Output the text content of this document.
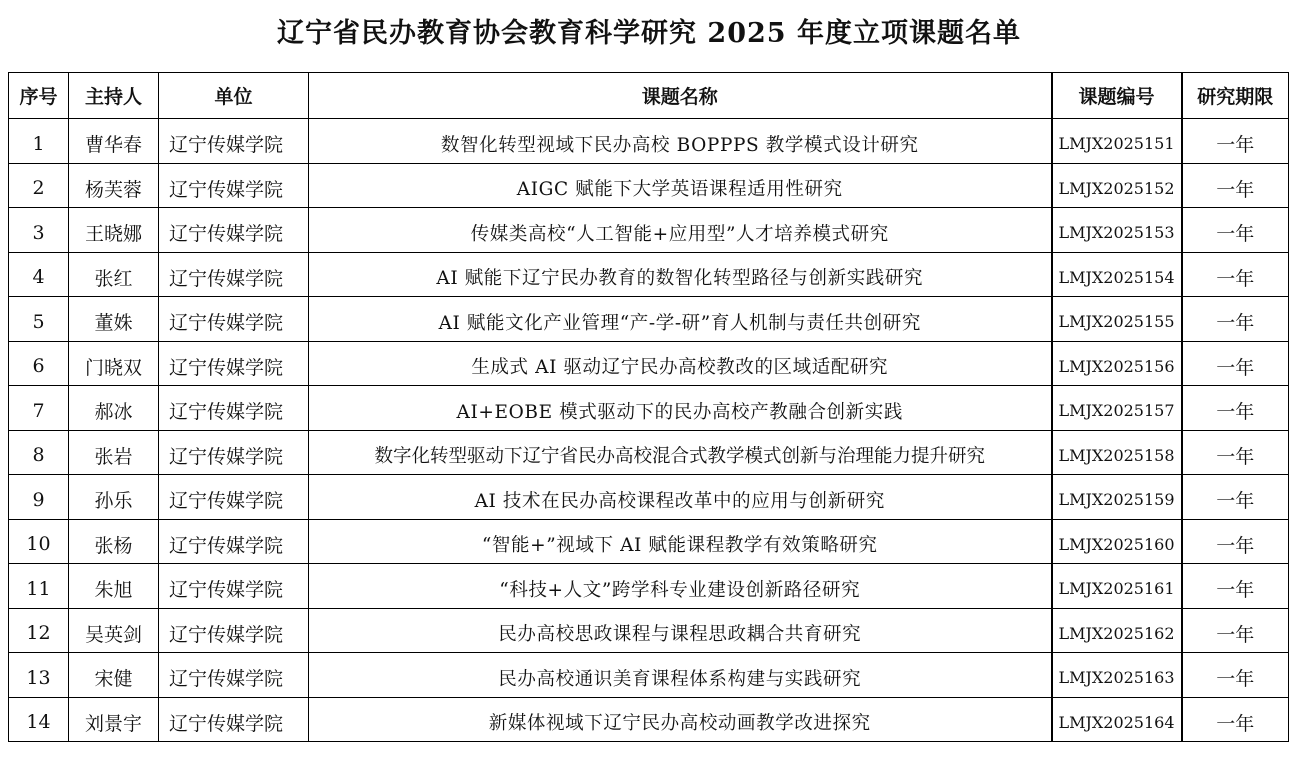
辽宁省民办教育协会教育科学研究 2025 年度立项课题名单
序号	主持人	单位	课题名称	课题编号	研究期限
1	曹华春	辽宁传媒学院	数智化转型视域下民办高校 BOPPPS 教学模式设计研究	LMJX2025151	一年
2	杨芙蓉	辽宁传媒学院	AIGC 赋能下大学英语课程适用性研究	LMJX2025152	一年
3	王晓娜	辽宁传媒学院	传媒类高校“人工智能+应用型”人才培养模式研究	LMJX2025153	一年
4	张红	辽宁传媒学院	AI 赋能下辽宁民办教育的数智化转型路径与创新实践研究	LMJX2025154	一年
5	董姝	辽宁传媒学院	AI 赋能文化产业管理“产-学-研”育人机制与责任共创研究	LMJX2025155	一年
6	门晓双	辽宁传媒学院	生成式 AI 驱动辽宁民办高校教改的区域适配研究	LMJX2025156	一年
7	郝冰	辽宁传媒学院	AI+EOBE 模式驱动下的民办高校产教融合创新实践	LMJX2025157	一年
8	张岩	辽宁传媒学院	数字化转型驱动下辽宁省民办高校混合式教学模式创新与治理能力提升研究	LMJX2025158	一年
9	孙乐	辽宁传媒学院	AI 技术在民办高校课程改革中的应用与创新研究	LMJX2025159	一年
10	张杨	辽宁传媒学院	“智能+”视域下 AI 赋能课程教学有效策略研究	LMJX2025160	一年
11	朱旭	辽宁传媒学院	“科技+人文”跨学科专业建设创新路径研究	LMJX2025161	一年
12	吴英剑	辽宁传媒学院	民办高校思政课程与课程思政耦合共育研究	LMJX2025162	一年
13	宋健	辽宁传媒学院	民办高校通识美育课程体系构建与实践研究	LMJX2025163	一年
14	刘景宇	辽宁传媒学院	新媒体视域下辽宁民办高校动画教学改进探究	LMJX2025164	一年
